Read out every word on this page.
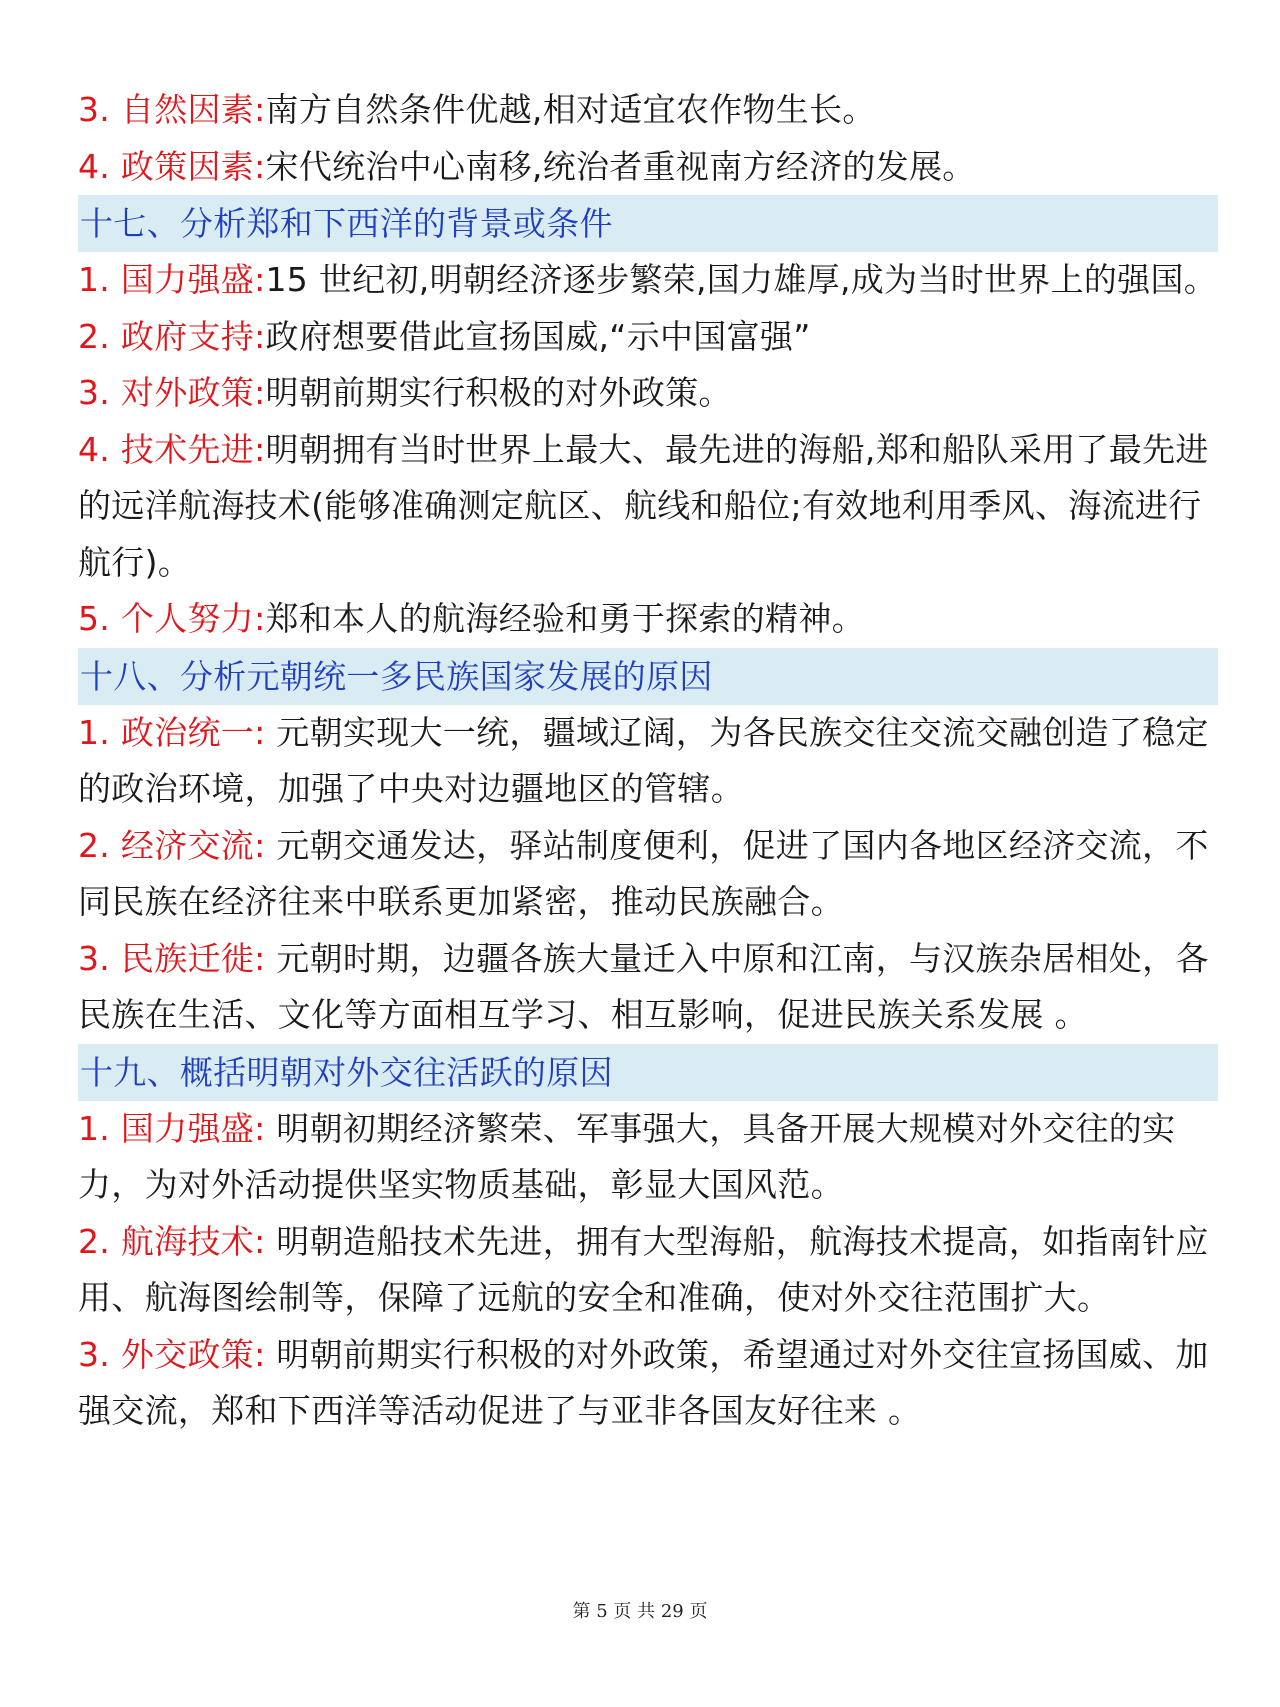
3. 自然因素:南方自然条件优越,相对适宜农作物生长。

4. 政策因素:宋代统治中心南移,统治者重视南方经济的发展。

十七、分析郑和下西洋的背景或条件

1. 国力强盛:15 世纪初,明朝经济逐步繁荣,国力雄厚,成为当时世界上的强国。

2. 政府支持:政府想要借此宣扬国威,“示中国富强”

3. 对外政策:明朝前期实行积极的对外政策。

4. 技术先进:明朝拥有当时世界上最大、最先进的海船,郑和船队采用了最先进的远洋航海技术(能够准确测定航区、航线和船位;有效地利用季风、海流进行航行)。

5. 个人努力:郑和本人的航海经验和勇于探索的精神。

十八、分析元朝统一多民族国家发展的原因

1. 政治统一: 元朝实现大一统，疆域辽阔，为各民族交往交流交融创造了稳定的政治环境，加强了中央对边疆地区的管辖。

2. 经济交流: 元朝交通发达，驿站制度便利，促进了国内各地区经济交流，不同民族在经济往来中联系更加紧密，推动民族融合。

3. 民族迁徙: 元朝时期，边疆各族大量迁入中原和江南，与汉族杂居相处，各民族在生活、文化等方面相互学习、相互影响，促进民族关系发展 。

十九、概括明朝对外交往活跃的原因

1. 国力强盛: 明朝初期经济繁荣、军事强大，具备开展大规模对外交往的实力，为对外活动提供坚实物质基础，彰显大国风范。

2. 航海技术: 明朝造船技术先进，拥有大型海船，航海技术提高，如指南针应用、航海图绘制等，保障了远航的安全和准确，使对外交往范围扩大。

3. 外交政策: 明朝前期实行积极的对外政策，希望通过对外交往宣扬国威、加强交流，郑和下西洋等活动促进了与亚非各国友好往来 。

第 5 页 共 29 页
